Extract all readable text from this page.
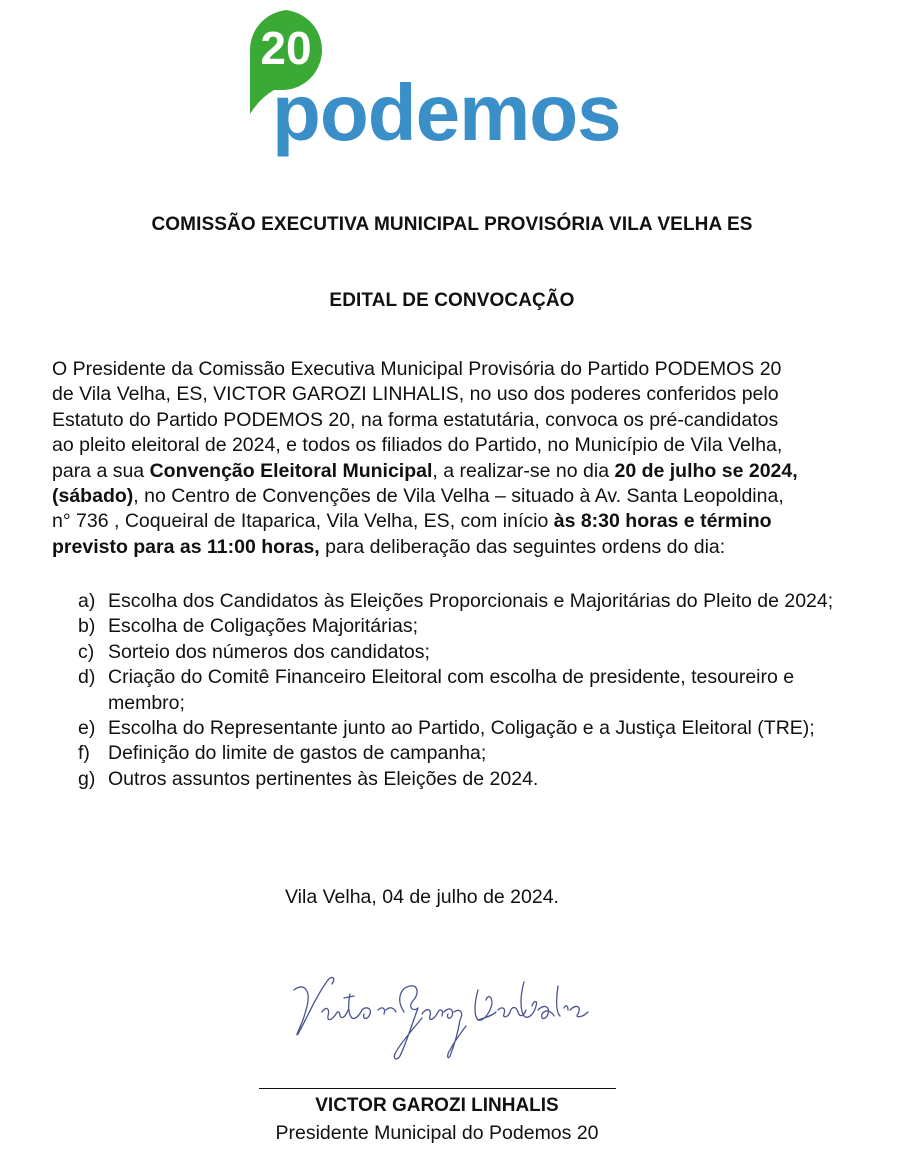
20
podemos
COMISSÃO EXECUTIVA MUNICIPAL PROVISÓRIA VILA VELHA ES
EDITAL DE CONVOCAÇÃO
O Presidente da Comissão Executiva Municipal Provisória do Partido PODEMOS 20
de Vila Velha, ES, VICTOR GAROZI LINHALIS, no uso dos poderes conferidos pelo
Estatuto do Partido PODEMOS 20, na forma estatutária, convoca os pré-candidatos
ao pleito eleitoral de 2024, e todos os filiados do Partido, no Município de Vila Velha,
para a sua Convenção Eleitoral Municipal, a realizar-se no dia 20 de julho se 2024,
(sábado), no Centro de Convenções de Vila Velha – situado à Av. Santa Leopoldina,
n° 736 , Coqueiral de Itaparica, Vila Velha, ES, com início às 8:30 horas e término
previsto para as 11:00 horas, para deliberação das seguintes ordens do dia:
a) Escolha dos Candidatos às Eleições Proporcionais e Majoritárias do Pleito de 2024;
b) Escolha de Coligações Majoritárias;
c) Sorteio dos números dos candidatos;
d) Criação do Comitê Financeiro Eleitoral com escolha de presidente, tesoureiro e membro;
e) Escolha do Representante junto ao Partido, Coligação e a Justiça Eleitoral (TRE);
f) Definição do limite de gastos de campanha;
g) Outros assuntos pertinentes às Eleições de 2024.
Vila Velha, 04 de julho de 2024.
VICTOR GAROZI LINHALIS
Presidente Municipal do Podemos 20
